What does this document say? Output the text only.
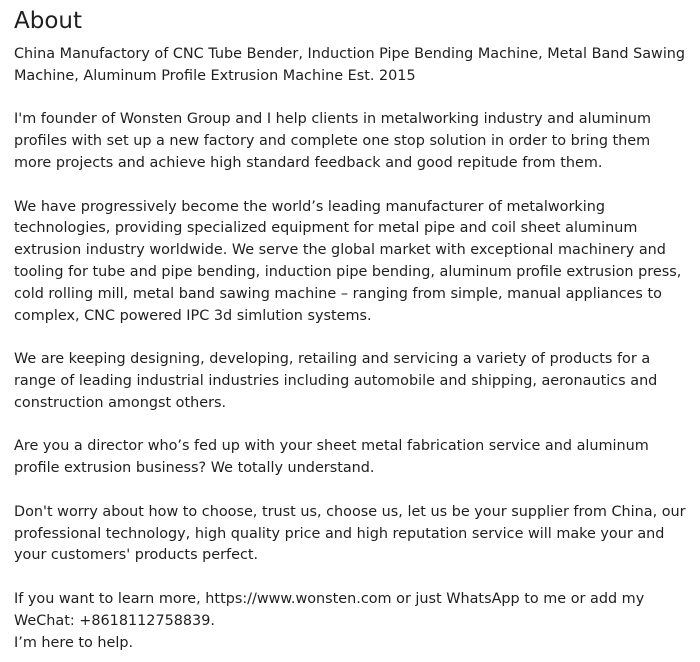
About
China Manufactory of CNC Tube Bender, Induction Pipe Bending Machine, Metal Band Sawing Machine, Aluminum Profile Extrusion Machine Est. 2015

I'm founder of Wonsten Group and I help clients in metalworking industry and aluminum profiles with set up a new factory and complete one stop solution in order to bring them more projects and achieve high standard feedback and good repitude from them.

We have progressively become the world’s leading manufacturer of metalworking technologies, providing specialized equipment for metal pipe and coil sheet aluminum extrusion industry worldwide. We serve the global market with exceptional machinery and tooling for tube and pipe bending, induction pipe bending, aluminum profile extrusion press, cold rolling mill, metal band sawing machine – ranging from simple, manual appliances to complex, CNC powered IPC 3d simlution systems.

We are keeping designing, developing, retailing and servicing a variety of products for a range of leading industrial industries including automobile and shipping, aeronautics and construction amongst others.

Are you a director who’s fed up with your sheet metal fabrication service and aluminum profile extrusion business? We totally understand.

Don't worry about how to choose, trust us, choose us, let us be your supplier from China, our professional technology, high quality price and high reputation service will make your and your customers' products perfect.

If you want to learn more, https://www.wonsten.com or just WhatsApp to me or add my WeChat: +8618112758839.
I’m here to help.
